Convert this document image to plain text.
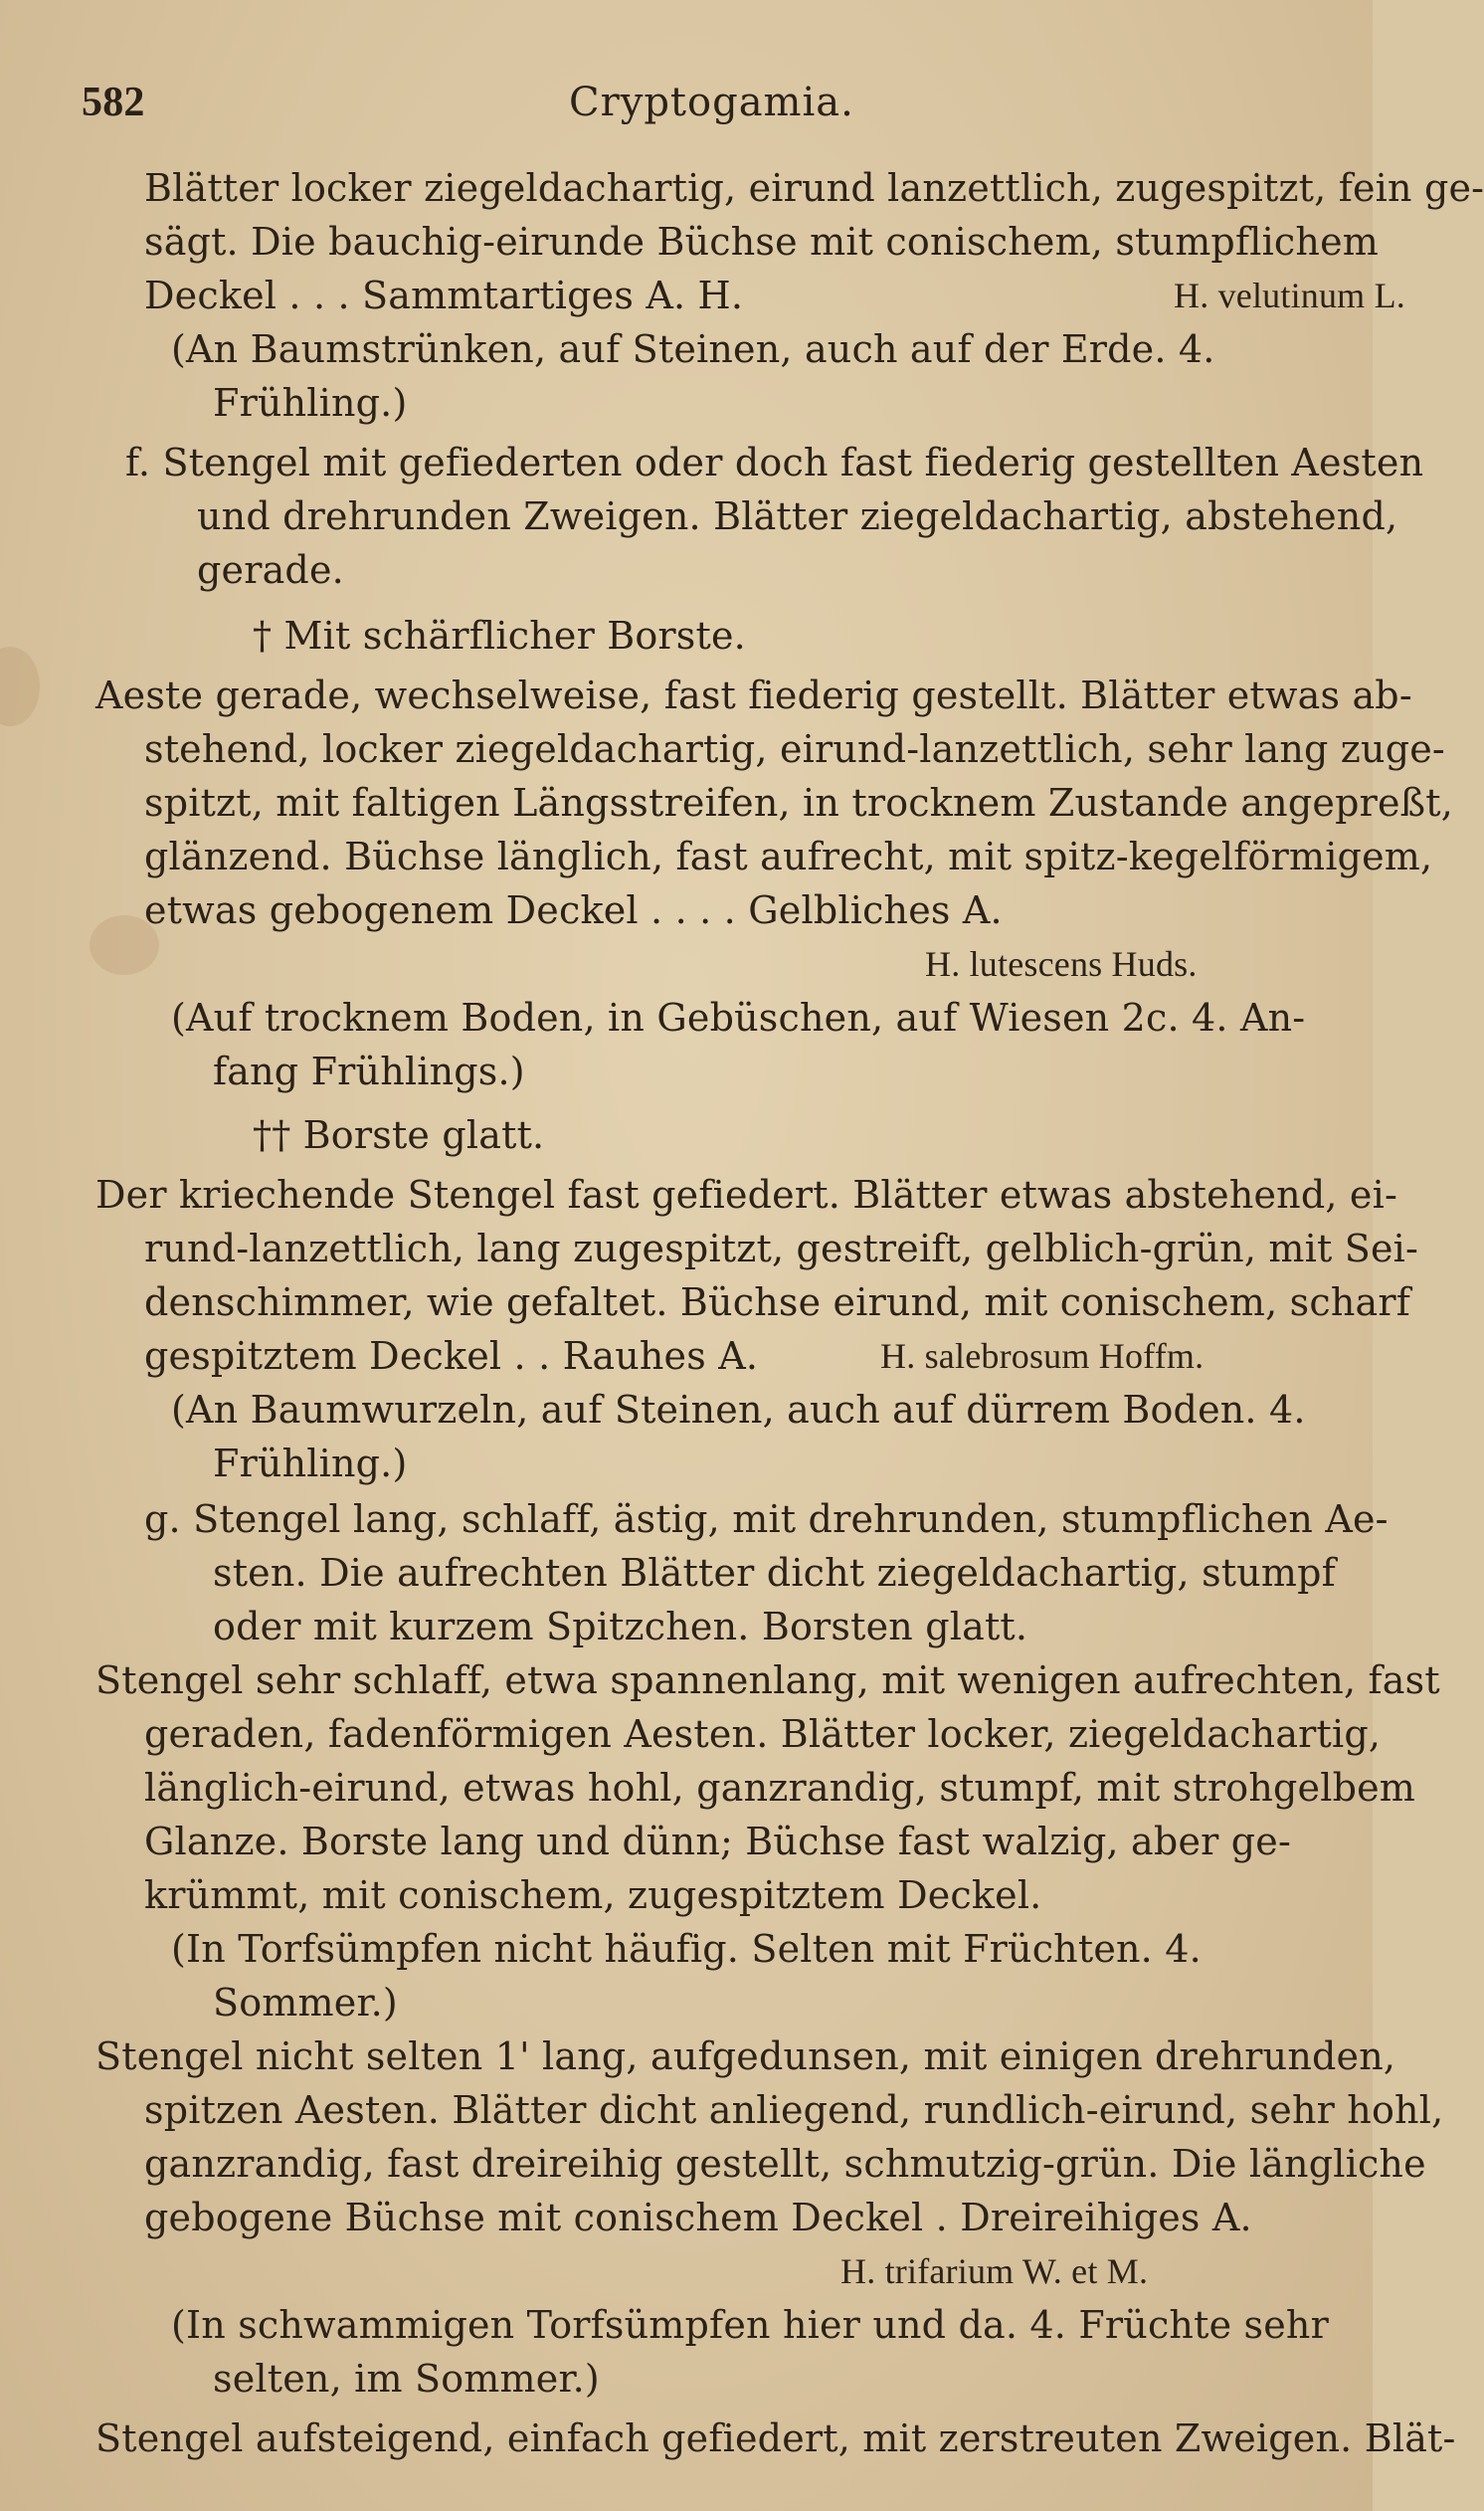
582	Cryptogamia.
Blätter locker ziegeldachartig, eirund lanzettlich, zugespitzt, fein ge-
sägt. Die bauchig-eirunde Büchse mit conischem, stumpflichem
Deckel . . . Sammtartiges A. H.	H. velutinum L.
(An Baumstrünken, auf Steinen, auch auf der Erde. 4.
Frühling.)
f. Stengel mit gefiederten oder doch fast fiederig gestellten Aesten
und drehrunden Zweigen. Blätter ziegeldachartig, abstehend,
gerade.
† Mit schärflicher Borste.
Aeste gerade, wechselweise, fast fiederig gestellt. Blätter etwas ab-
stehend, locker ziegeldachartig, eirund-lanzettlich, sehr lang zuge-
spitzt, mit faltigen Längsstreifen, in trocknem Zustande angepreßt,
glänzend. Büchse länglich, fast aufrecht, mit spitz-kegelförmigem,
etwas gebogenem Deckel . . . . Gelbliches A.
H. lutescens Huds.
(Auf trocknem Boden, in Gebüschen, auf Wiesen 2c. 4. An-
fang Frühlings.)
†† Borste glatt.
Der kriechende Stengel fast gefiedert. Blätter etwas abstehend, ei-
rund-lanzettlich, lang zugespitzt, gestreift, gelblich-grün, mit Sei-
denschimmer, wie gefaltet. Büchse eirund, mit conischem, scharf
gespitztem Deckel . . Rauhes A.	H. salebrosum Hoffm.
(An Baumwurzeln, auf Steinen, auch auf dürrem Boden. 4.
Frühling.)
g. Stengel lang, schlaff, ästig, mit drehrunden, stumpflichen Ae-
sten. Die aufrechten Blätter dicht ziegeldachartig, stumpf
oder mit kurzem Spitzchen. Borsten glatt.
Stengel sehr schlaff, etwa spannenlang, mit wenigen aufrechten, fast
geraden, fadenförmigen Aesten. Blätter locker, ziegeldachartig,
länglich-eirund, etwas hohl, ganzrandig, stumpf, mit strohgelbem
Glanze. Borste lang und dünn; Büchse fast walzig, aber ge-
krümmt, mit conischem, zugespitztem Deckel.
(In Torfsümpfen nicht häufig. Selten mit Früchten. 4.
Sommer.)
Stengel nicht selten 1' lang, aufgedunsen, mit einigen drehrunden,
spitzen Aesten. Blätter dicht anliegend, rundlich-eirund, sehr hohl,
ganzrandig, fast dreireihig gestellt, schmutzig-grün. Die längliche
gebogene Büchse mit conischem Deckel . Dreireihiges A.
H. trifarium W. et M.
(In schwammigen Torfsümpfen hier und da. 4. Früchte sehr
selten, im Sommer.)
Stengel aufsteigend, einfach gefiedert, mit zerstreuten Zweigen. Blät-
